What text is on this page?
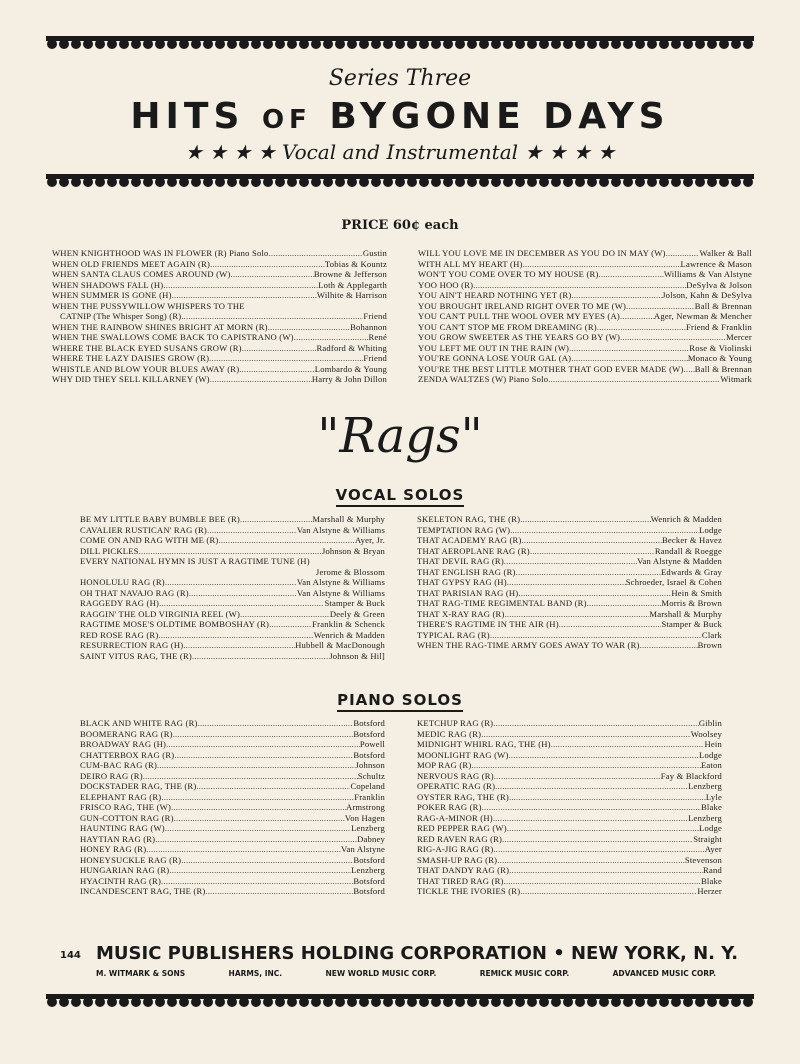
Series Three
HITS OF BYGONE DAYS
★ ★ ★ ★ Vocal and Instrumental ★ ★ ★ ★
PRICE 60¢ each
WHEN KNIGHTHOOD WAS IN FLOWER (R) Piano Solo .....	Gustin
WHEN OLD FRIENDS MEET AGAIN (R) .....	Tobias & Kountz
WHEN SANTA CLAUS COMES AROUND (W) .....	Browne & Jefferson
WHEN SHADOWS FALL (H) .....	Loth & Applegarth
WHEN SUMMER IS GONE (H) .....	Wilhite & Harrison
WHEN THE PUSSYWILLOW WHISPERS TO THE
CATNIP (The Whisper Song) (R) .....	Friend
WHEN THE RAINBOW SHINES BRIGHT AT MORN (R) .....	Bohannon
WHEN THE SWALLOWS COME BACK TO CAPISTRANO (W) .....	René
WHERE THE BLACK EYED SUSANS GROW (R) .....	Radford & Whiting
WHERE THE LAZY DAISIES GROW (R) .....	Friend
WHISTLE AND BLOW YOUR BLUES AWAY (R) .....	Lombardo & Young
WHY DID THEY SELL KILLARNEY (W) .....	Harry & John Dillon
WILL YOU LOVE ME IN DECEMBER AS YOU DO IN MAY (W) .....	Walker & Ball
WITH ALL MY HEART (H) .....	Lawrence & Mason
WON'T YOU COME OVER TO MY HOUSE (R) .....	Williams & Van Alstyne
YOO HOO (R) .....	DeSylva & Jolson
YOU AIN'T HEARD NOTHING YET (R) .....	Jolson, Kahn & DeSylva
YOU BROUGHT IRELAND RIGHT OVER TO ME (W) .....	Ball & Brennan
YOU CAN'T PULL THE WOOL OVER MY EYES (A) .....	Ager, Newman & Mencher
YOU CAN'T STOP ME FROM DREAMING (R) .....	Friend & Franklin
YOU GROW SWEETER AS THE YEARS GO BY (W) .....	Mercer
YOU LEFT ME OUT IN THE RAIN (W) .....	Rose & Violinski
YOU'RE GONNA LOSE YOUR GAL (A) .....	Monaco & Young
YOU'RE THE BEST LITTLE MOTHER THAT GOD EVER MADE (W) ..... Ball & Brennan
ZENDA WALTZES (W) Piano Solo .....	Witmark
"Rags"
VOCAL SOLOS
BE MY LITTLE BABY BUMBLE BEE (R) .....	Marshall & Murphy
CAVALIER RUSTICAN' RAG (R) .....	Van Alstyne & Williams
COME ON AND RAG WITH ME (R) .....	Ayer, Jr.
DILL PICKLES .....	Johnson & Bryan
EVERY NATIONAL HYMN IS JUST A RAGTIME TUNE (H)
Jerome & Blossom
HONOLULU RAG (R) .....	Van Alstyne & Williams
OH THAT NAVAJO RAG (R) .....	Van Alstyne & Williams
RAGGEDY RAG (H) .....	Stamper & Buck
RAGGIN' THE OLD VIRGINIA REEL (W) .....	Deely & Green
RAGTIME MOSE'S OLDTIME BOMBOSHAY (R) .....	Franklin & Schenck
RED ROSE RAG (R) .....	Wenrich & Madden
RESURRECTION RAG (H) .....	Hubbell & MacDonough
SAINT VITUS RAG, THE (R) .....	Johnson & Hil]
SKELETON RAG, THE (R) .....	Wenrich & Madden
TEMPTATION RAG (W) .....	Lodge
THAT ACADEMY RAG (R) .....	Becker & Havez
THAT AEROPLANE RAG (R) .....	Randall & Roegge
THAT DEVIL RAG (R) .....	Van Alstyne & Madden
THAT ENGLISH RAG (R) .....	Edwards & Gray
THAT GYPSY RAG (H) .....	Schroeder, Israel & Cohen
THAT PARISIAN RAG (H) .....	Hein & Smith
THAT RAG-TIME REGIMENTAL BAND (R) .....	Morris & Brown
THAT X-RAY RAG (R) .....	Marshall & Murphy
THERE'S RAGTIME IN THE AIR (H) .....	Stamper & Buck
TYPICAL RAG (R) .....	Clark
WHEN THE RAG-TIME ARMY GOES AWAY TO WAR (R) .....	Brown
PIANO SOLOS
BLACK AND WHITE RAG (R) .....	Botsford
BOOMERANG RAG (R) .....	Botsford
BROADWAY RAG (H) .....	Powell
CHATTERBOX RAG (R) .....	Botsford
CUM-BAC RAG (R) .....	Johnson
DEIRO RAG (R) .....	Schultz
DOCKSTADER RAG, THE (R) .....	Copeland
ELEPHANT RAG (R) .....	Franklin
FRISCO RAG, THE (W) .....	Armstrong
GUN-COTTON RAG (R) .....	Von Hagen
HAUNTING RAG (W) .....	Lenzberg
HAYTIAN RAG (R) .....	Dabney
HONEY RAG (R) .....	Van Alstyne
HONEYSUCKLE RAG (R) .....	Botsford
HUNGARIAN RAG (R) .....	Lenzberg
HYACINTH RAG (R) .....	Botsford
INCANDESCENT RAG, THE (R) .....	Botsford
KETCHUP RAG (R) .....	Giblin
MEDIC RAG (R) .....	Woolsey
MIDNIGHT WHIRL RAG, THE (H) .....	Hein
MOONLIGHT RAG (W) .....	Lodge
MOP RAG (R) .....	Eaton
NERVOUS RAG (R) .....	Fay & Blackford
OPERATIC RAG (R) .....	Lenzberg
OYSTER RAG, THE (R) .....	Lyle
POKER RAG (R) .....	Blake
RAG-A-MINOR (H) .....	Lenzberg
RED PEPPER RAG (W) .....	Lodge
RED RAVEN RAG (R) .....	Straight
RIG-A-JIG RAG (R) .....	Ayer
SMASH-UP RAG (R) .....	Stevenson
THAT DANDY RAG (R) .....	Rand
THAT TIRED RAG (R) .....	Blake
TICKLE THE IVORIES (R) .....	Herzer
144 MUSIC PUBLISHERS HOLDING CORPORATION • NEW YORK, N. Y.
M. WITMARK & SONS	HARMS, INC.	NEW WORLD MUSIC CORP.	REMICK MUSIC CORP.	ADVANCED MUSIC CORP.
